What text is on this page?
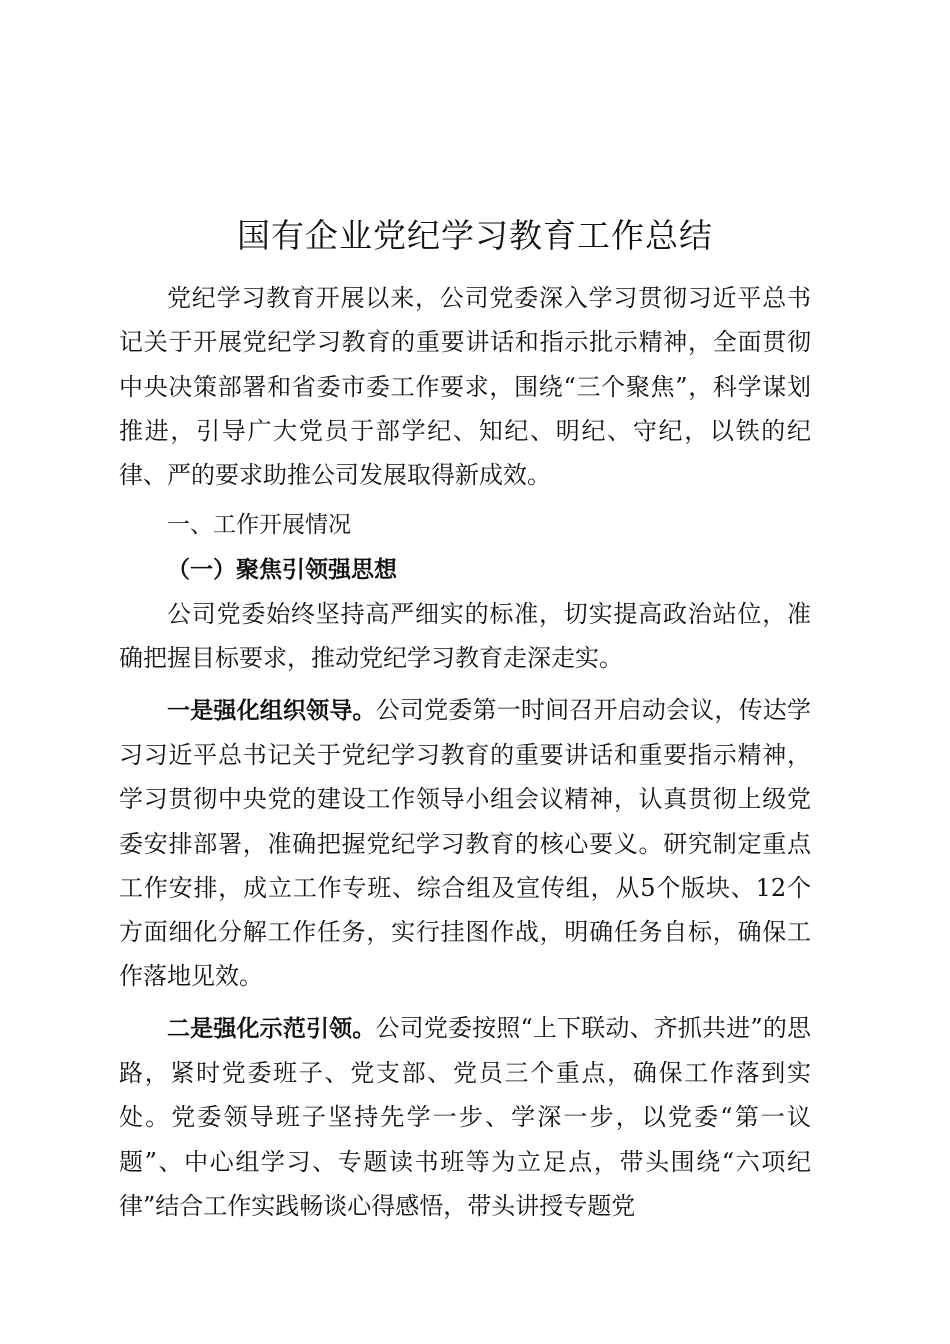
国有企业党纪学习教育工作总结

党纪学习教育开展以来，公司党委深入学习贯彻习近平总书记关于开展党纪学习教育的重要讲话和指示批示精神，全面贯彻中央决策部署和省委市委工作要求，围绕“三个聚焦”，科学谋划推进，引导广大党员于部学纪、知纪、明纪、守纪，以铁的纪律、严的要求助推公司发展取得新成效。

一、工作开展情况

（一）聚焦引领强思想

公司党委始终坚持高严细实的标准，切实提高政治站位，准确把握目标要求，推动党纪学习教育走深走实。

一是强化组织领导。公司党委第一时间召开启动会议，传达学习习近平总书记关于党纪学习教育的重要讲话和重要指示精神，学习贯彻中央党的建设工作领导小组会议精神，认真贯彻上级党委安排部署，准确把握党纪学习教育的核心要义。研究制定重点工作安排，成立工作专班、综合组及宣传组，从5个版块、12个方面细化分解工作任务，实行挂图作战，明确任务自标，确保工作落地见效。

二是强化示范引领。公司党委按照“上下联动、齐抓共进”的思路，紧时党委班子、党支部、党员三个重点，确保工作落到实处。党委领导班子坚持先学一步、学深一步，以党委“第一议题”、中心组学习、专题读书班等为立足点，带头围绕“六项纪律”结合工作实践畅谈心得感悟，带头讲授专题党
